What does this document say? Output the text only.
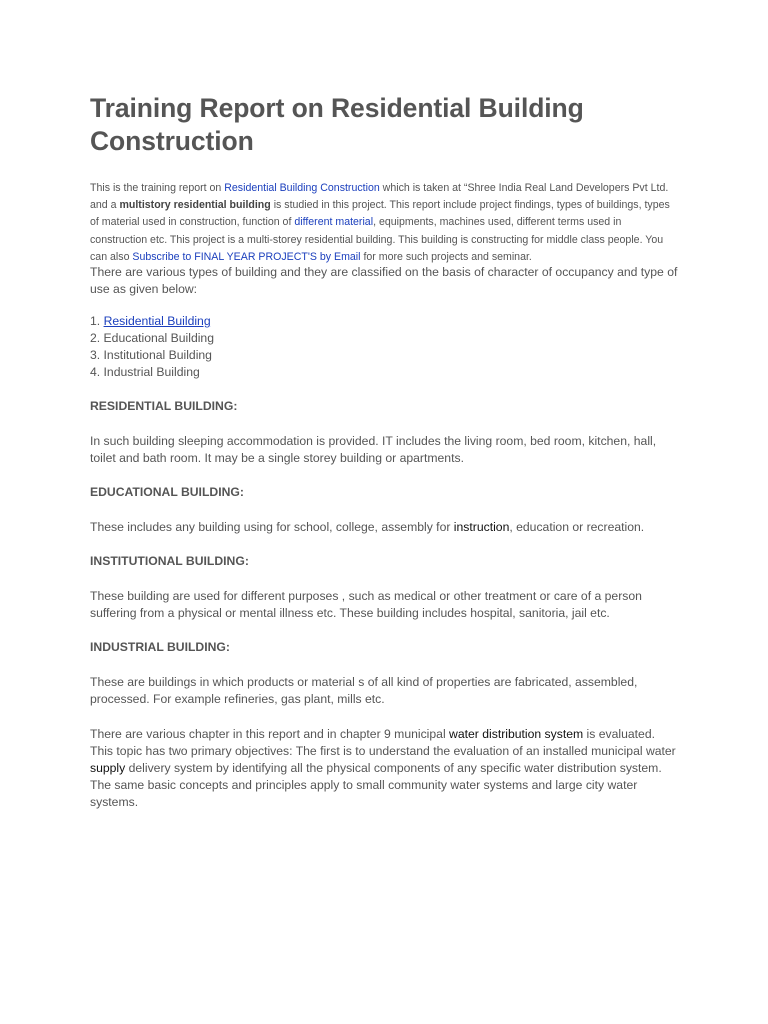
Training Report on Residential Building Construction
This is the training report on Residential Building Construction which is taken at “Shree India Real Land Developers Pvt Ltd. and a multistory residential building is studied in this project. This report include project findings, types of buildings, types of material used in construction, function of different material, equipments, machines used, different terms used in construction etc. This project is a multi-storey residential building. This building is constructing for middle class people. You can also Subscribe to FINAL YEAR PROJECT'S by Email for more such projects and seminar.
There are various types of building and they are classified on the basis of character of occupancy and type of use as given below:
1. Residential Building
2. Educational Building
3. Institutional Building
4. Industrial Building
RESIDENTIAL BUILDING:
In such building sleeping accommodation is provided. IT includes the living room, bed room, kitchen, hall, toilet and bath room. It may be a single storey building or apartments.
EDUCATIONAL BUILDING:
These includes any building using for school, college, assembly for instruction, education or recreation.
INSTITUTIONAL BUILDING:
These building are used for different purposes , such as medical or other treatment or care of a person suffering from a physical or mental illness etc. These building includes hospital, sanitoria, jail etc.
INDUSTRIAL BUILDING:
These are buildings in which products or material s of all kind of properties are fabricated, assembled, processed. For example refineries, gas plant, mills etc.
There are various chapter in this report and in chapter 9 municipal water distribution system is evaluated. This topic has two primary objectives: The first is to understand the evaluation of an installed municipal water supply delivery system by identifying all the physical components of any specific water distribution system. The same basic concepts and principles apply to small community water systems and large city water systems.
